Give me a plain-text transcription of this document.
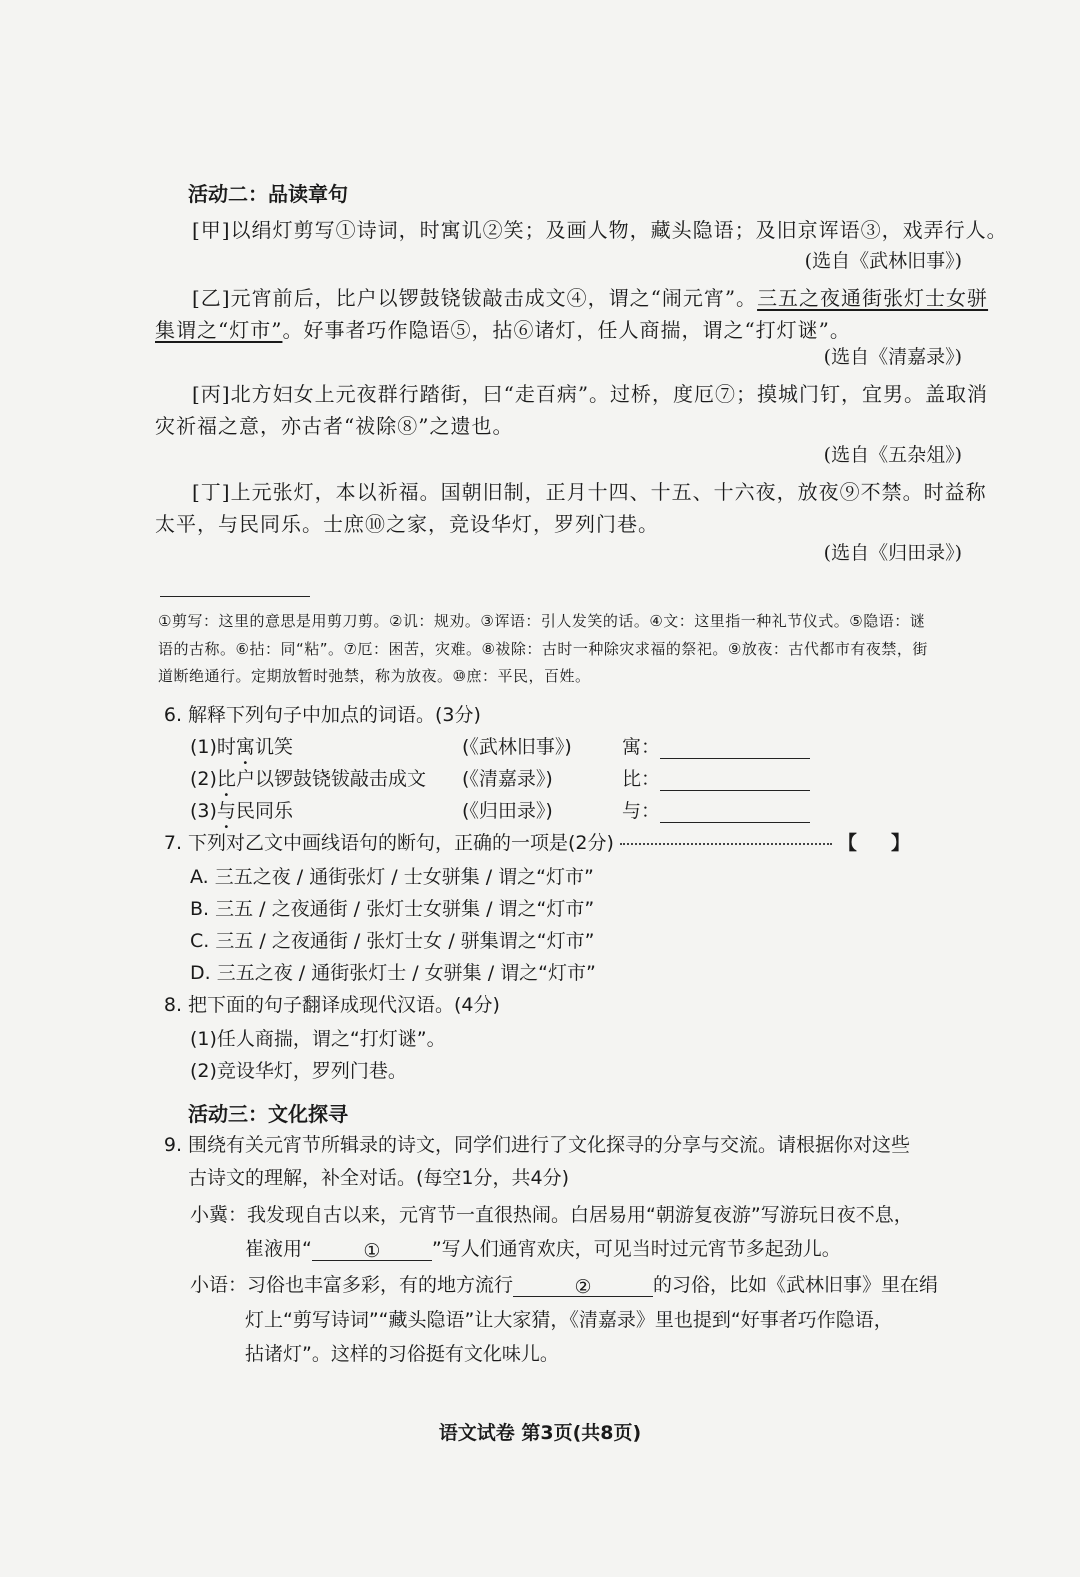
活动二：品读章句
[甲]以绢灯剪写①诗词，时寓讥②笑；及画人物，藏头隐语；及旧京诨语③，戏弄行人。
(选自《武林旧事》)
[乙]元宵前后，比户以锣鼓铙钹敲击成文④，谓之“闹元宵”。三五之夜通街张灯士女骈
集谓之“灯市”。好事者巧作隐语⑤，拈⑥诸灯，任人商揣，谓之“打灯谜”。
(选自《清嘉录》)
[丙]北方妇女上元夜群行踏街，曰“走百病”。过桥，度厄⑦；摸城门钉，宜男。盖取消
灾祈福之意，亦古者“祓除⑧”之遗也。
(选自《五杂俎》)
[丁]上元张灯，本以祈福。国朝旧制，正月十四、十五、十六夜，放夜⑨不禁。时益称
太平，与民同乐。士庶⑩之家，竞设华灯，罗列门巷。
(选自《归田录》)
①剪写：这里的意思是用剪刀剪。②讥：规劝。③诨语：引人发笑的话。④文：这里指一种礼节仪式。⑤隐语：谜
语的古称。⑥拈：同“粘”。⑦厄：困苦，灾难。⑧祓除：古时一种除灾求福的祭祀。⑨放夜：古代都市有夜禁，街
道断绝通行。定期放暂时弛禁，称为放夜。⑩庶：平民，百姓。
6. 解释下列句子中加点的词语。(3分)
(1)时寓讥笑	(《武林旧事》)	寓：
(2)比户以锣鼓铙钹敲击成文 (《清嘉录》)	比：
(3)与民同乐	(《归田录》)	与：
7. 下列对乙文中画线语句的断句，正确的一项是(2分)	【 】
A. 三五之夜 / 通街张灯 / 士女骈集 / 谓之“灯市”
B. 三五 / 之夜通街 / 张灯士女骈集 / 谓之“灯市”
C. 三五 / 之夜通街 / 张灯士女 / 骈集谓之“灯市”
D. 三五之夜 / 通街张灯士 / 女骈集 / 谓之“灯市”
8. 把下面的句子翻译成现代汉语。(4分)
(1)任人商揣，谓之“打灯谜”。
(2)竞设华灯，罗列门巷。
活动三：文化探寻
9. 围绕有关元宵节所辑录的诗文，同学们进行了文化探寻的分享与交流。请根据你对这些
古诗文的理解，补全对话。(每空1分，共4分)
小冀：我发现自古以来，元宵节一直很热闹。白居易用“朝游复夜游”写游玩日夜不息，
崔液用“	①	”写人们通宵欢庆，可见当时过元宵节多起劲儿。
小语：习俗也丰富多彩，有的地方流行	②	的习俗，比如《武林旧事》里在绢
灯上“剪写诗词”“藏头隐语”让大家猜，《清嘉录》里也提到“好事者巧作隐语，
拈诸灯”。这样的习俗挺有文化味儿。
语文试卷 第3页(共8页)
